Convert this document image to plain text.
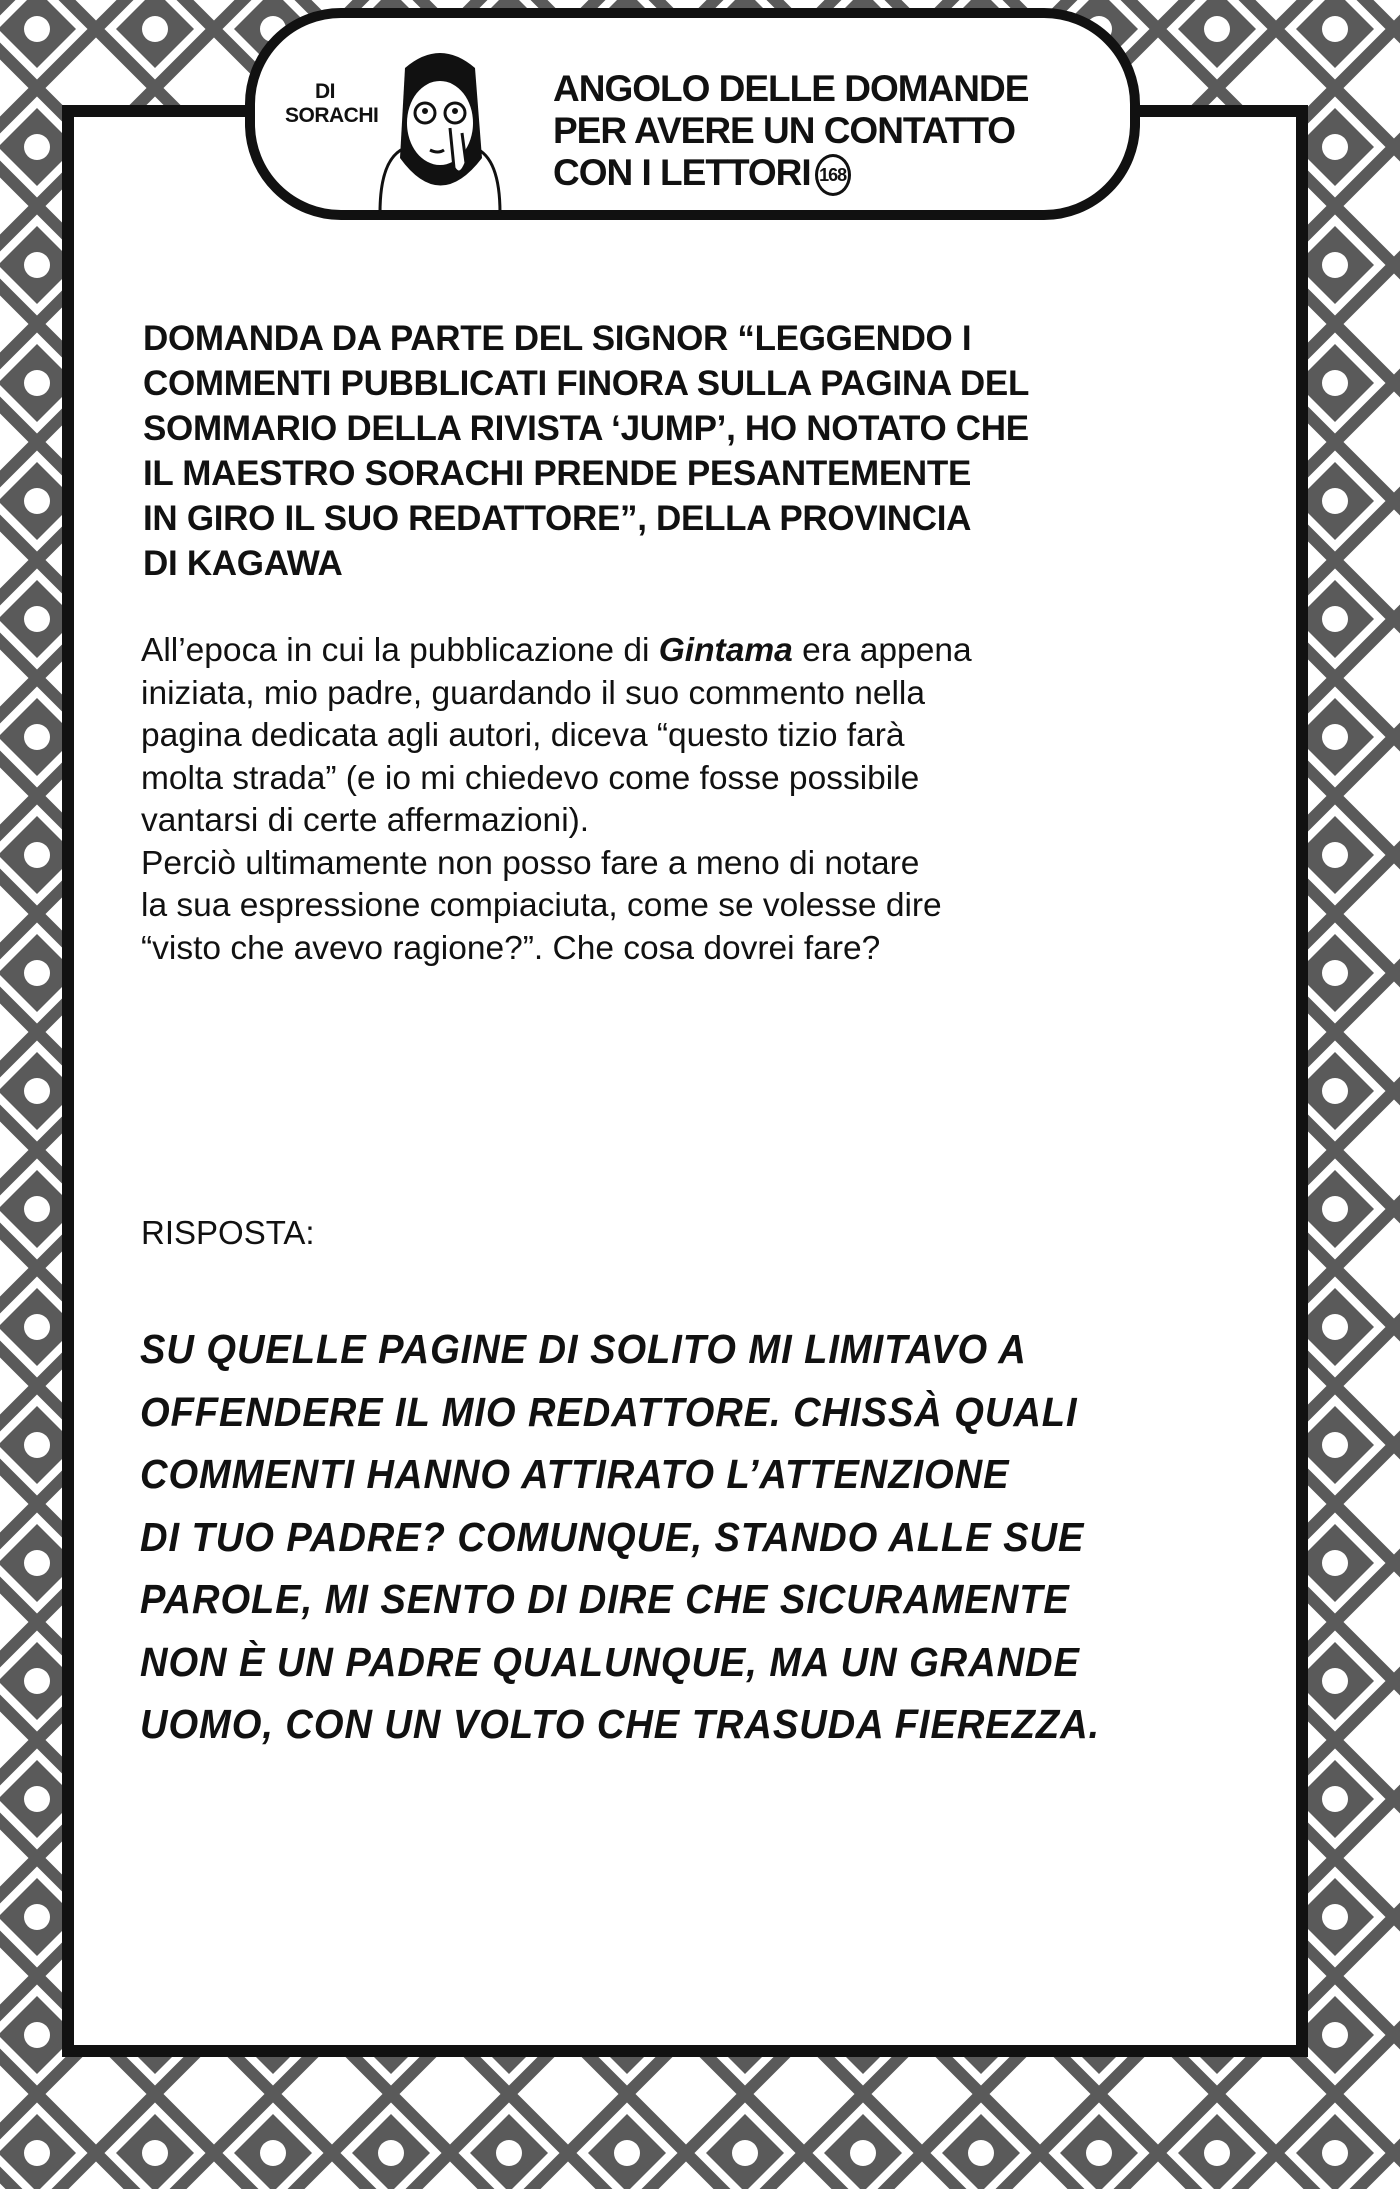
DI
SORACHI
ANGOLO DELLE DOMANDE
PER AVERE UN CONTATTO
CON I LETTORI 168
DOMANDA DA PARTE DEL SIGNOR “LEGGENDO I
COMMENTI PUBBLICATI FINORA SULLA PAGINA DEL
SOMMARIO DELLA RIVISTA ‘JUMP’, HO NOTATO CHE
IL MAESTRO SORACHI PRENDE PESANTEMENTE
IN GIRO IL SUO REDATTORE”, DELLA PROVINCIA
DI KAGAWA
All’epoca in cui la pubblicazione di Gintama era appena
iniziata, mio padre, guardando il suo commento nella
pagina dedicata agli autori, diceva “questo tizio farà
molta strada” (e io mi chiedevo come fosse possibile
vantarsi di certe affermazioni).
Perciò ultimamente non posso fare a meno di notare
la sua espressione compiaciuta, come se volesse dire
“visto che avevo ragione?”. Che cosa dovrei fare?
RISPOSTA:
SU QUELLE PAGINE DI SOLITO MI LIMITAVO A
OFFENDERE IL MIO REDATTORE. CHISSÀ QUALI
COMMENTI HANNO ATTIRATO L’ATTENZIONE
DI TUO PADRE? COMUNQUE, STANDO ALLE SUE
PAROLE, MI SENTO DI DIRE CHE SICURAMENTE
NON È UN PADRE QUALUNQUE, MA UN GRANDE
UOMO, CON UN VOLTO CHE TRASUDA FIEREZZA.
